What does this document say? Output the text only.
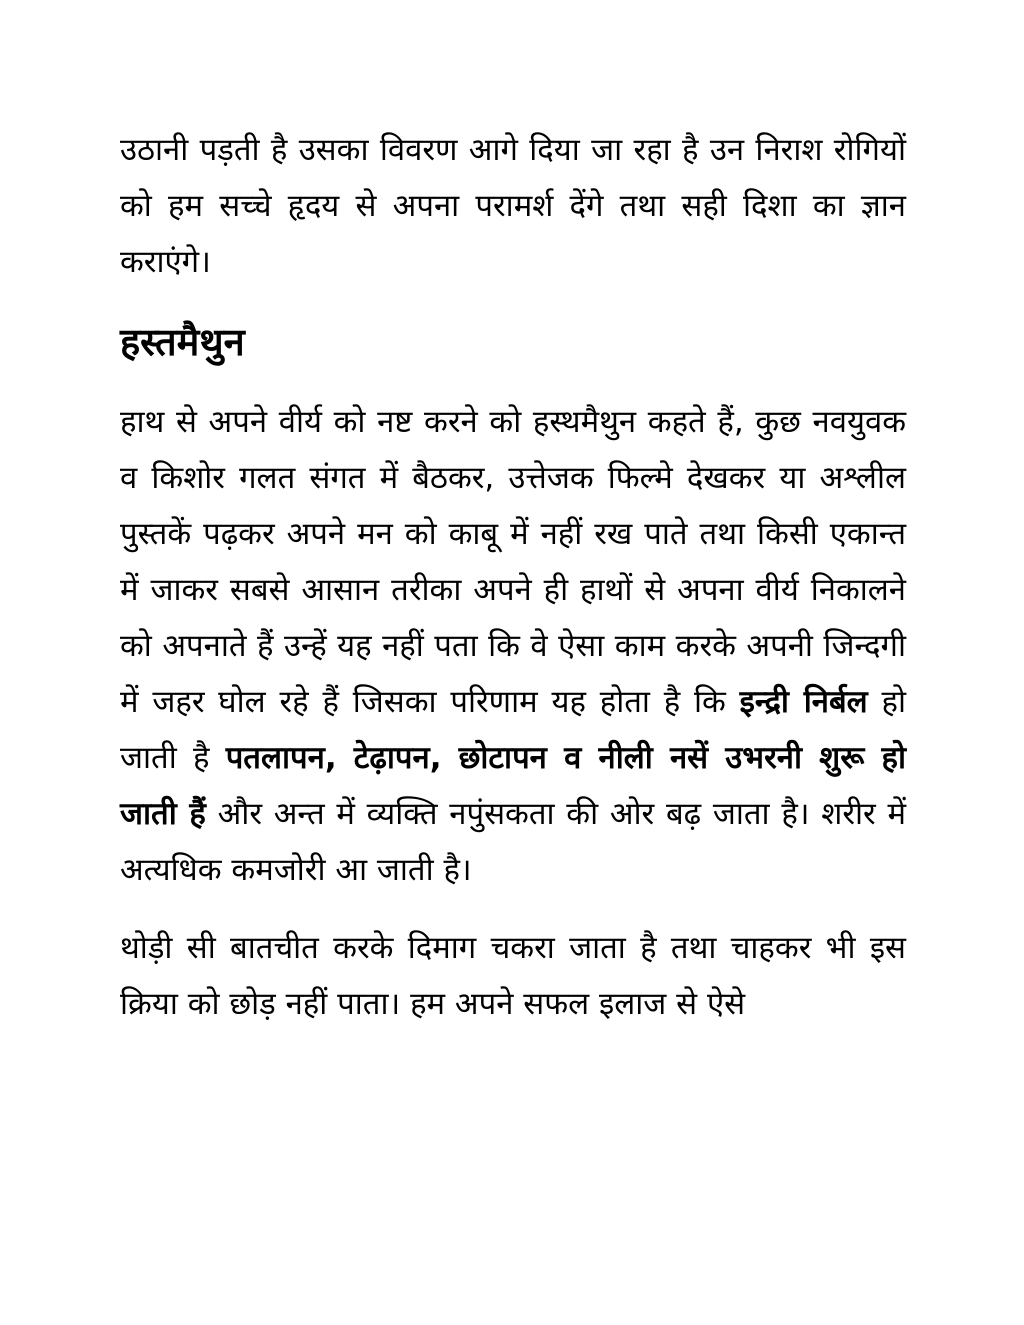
उठानी पड़ती है उसका विवरण आगे दिया जा रहा है उन निराश रोगियों को हम सच्चे हृदय से अपना परामर्श देंगे तथा सही दिशा का ज्ञान कराएंगे।

हस्तमैथुन

हाथ से अपने वीर्य को नष्ट करने को हस्थमैथुन कहते हैं, कुछ नवयुवक व किशोर गलत संगत में बैठकर, उत्तेजक फिल्मे देखकर या अश्लील पुस्तकें पढ़कर अपने मन को काबू में नहीं रख पाते तथा किसी एकान्त में जाकर सबसे आसान तरीका अपने ही हाथों से अपना वीर्य निकालने को अपनाते हैं उन्हें यह नहीं पता कि वे ऐसा काम करके अपनी जिन्दगी में जहर घोल रहे हैं जिसका परिणाम यह होता है कि इन्द्री निर्बल हो जाती है पतलापन, टेढ़ापन, छोटापन व नीली नसें उभरनी शुरू हो जाती हैं और अन्त में व्यक्ति नपुंसकता की ओर बढ़ जाता है। शरीर में अत्यधिक कमजोरी आ जाती है।

थोड़ी सी बातचीत करके दिमाग चकरा जाता है तथा चाहकर भी इस क्रिया को छोड़ नहीं पाता। हम अपने सफल इलाज से ऐसे
